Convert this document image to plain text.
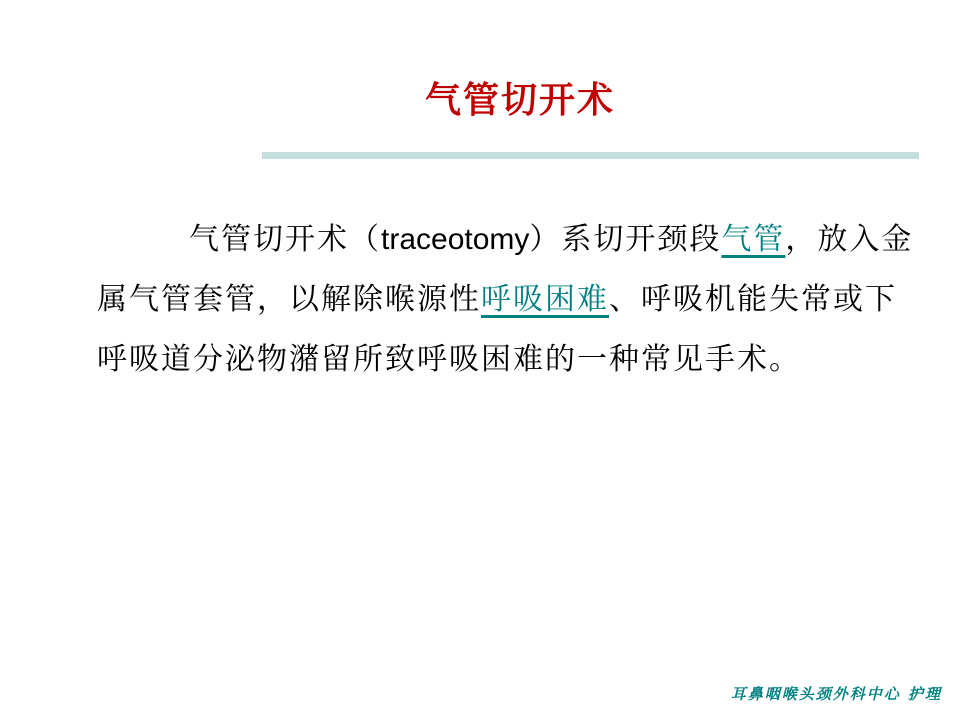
气管切开术
气管切开术（traceotomy）系切开颈段气管，放入金属气管套管，以解除喉源性呼吸困难、呼吸机能失常或下呼吸道分泌物潴留所致呼吸困难的一种常见手术。
耳鼻咽喉头颈外科中心 护理
